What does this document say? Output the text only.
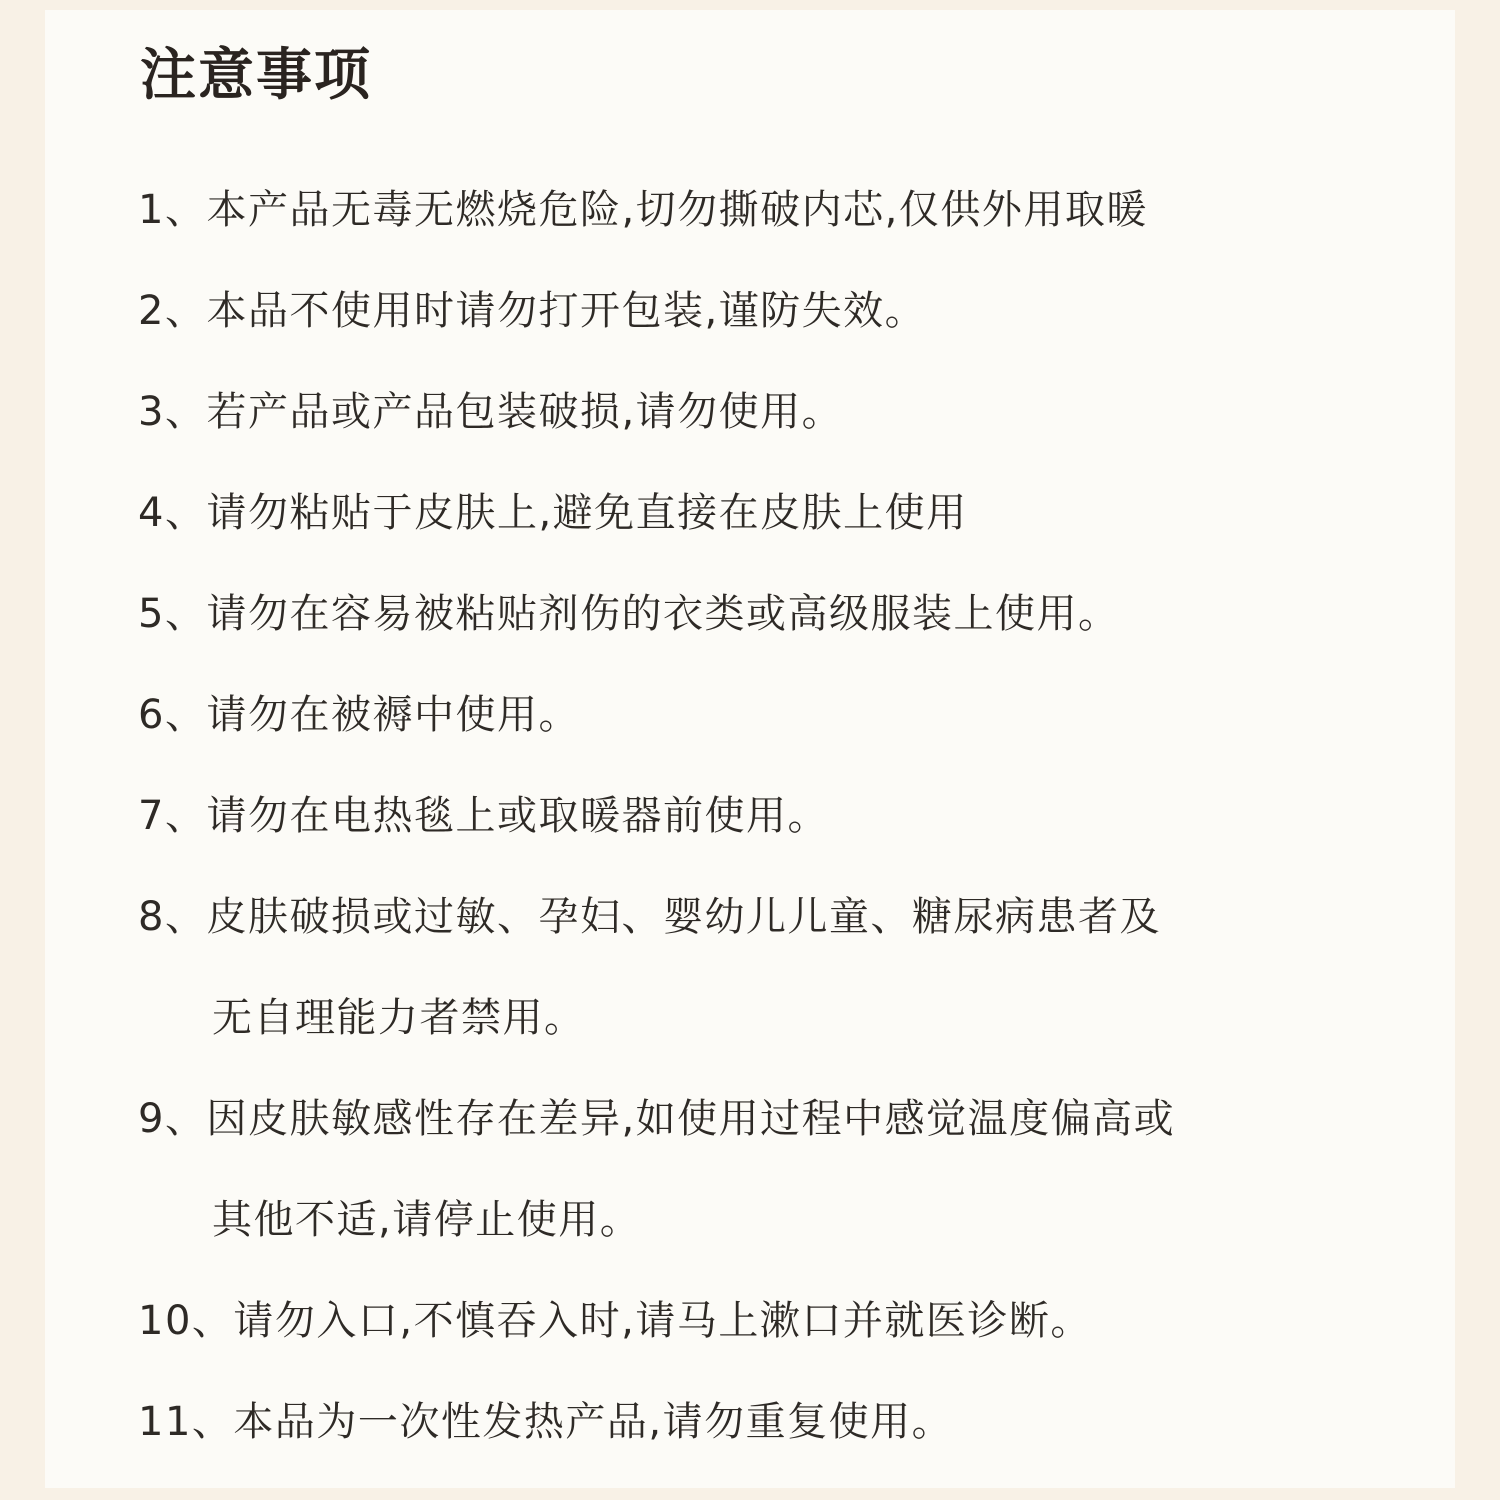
注意事项
1、本产品无毒无燃烧危险,切勿撕破内芯,仅供外用取暖
2、本品不使用时请勿打开包装,谨防失效。
3、若产品或产品包装破损,请勿使用。
4、请勿粘贴于皮肤上,避免直接在皮肤上使用
5、请勿在容易被粘贴剂伤的衣类或高级服装上使用。
6、请勿在被褥中使用。
7、请勿在电热毯上或取暖器前使用。
8、皮肤破损或过敏、孕妇、婴幼儿儿童、糖尿病患者及
无自理能力者禁用。
9、因皮肤敏感性存在差异,如使用过程中感觉温度偏高或
其他不适,请停止使用。
10、请勿入口,不慎吞入时,请马上漱口并就医诊断。
11、本品为一次性发热产品,请勿重复使用。
